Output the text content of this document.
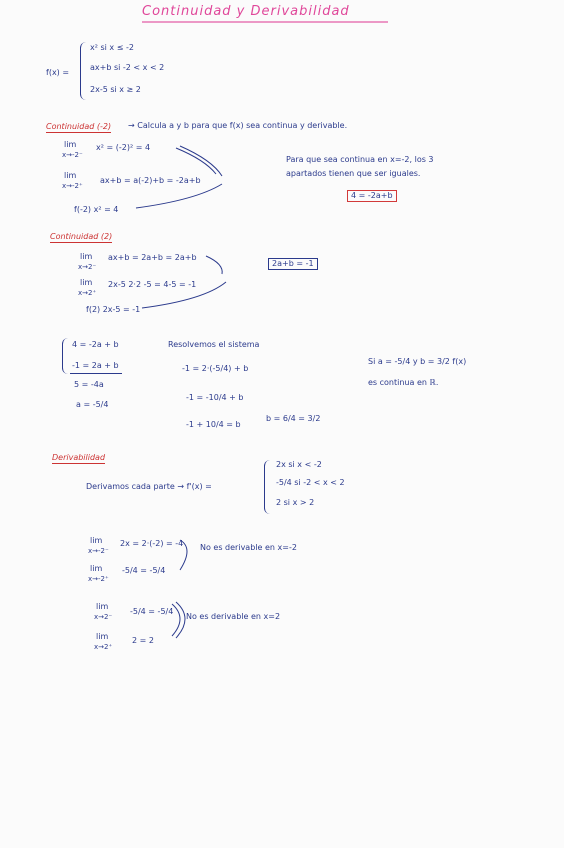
Continuidad y Derivabilidad
f(x) =
x² si x ≤ -2
ax+b si -2 < x < 2
2x-5 si x ≥ 2
Continuidad (-2) → Calcula a y b para que f(x) sea continua y derivable.
lim
x→-2⁻
x² = (-2)² = 4
lim
x→-2⁺
ax+b = a(-2)+b = -2a+b
f(-2) x² = 4
Para que sea continua en x=-2, los 3
apartados tienen que ser iguales.
4 = -2a+b
Continuidad (2)
lim
x→2⁻
ax+b = 2a+b = 2a+b
lim
x→2⁺
2x-5 2·2 -5 = 4-5 = -1
f(2) 2x-5 = -1
2a+b = -1
4 = -2a + b
-1 = 2a + b
5 = -4a
a = -5/4
Resolvemos el sistema
-1 = 2·(-5/4) + b
-1 = -10/4 + b
-1 + 10/4 = b
b = 6/4 = 3/2
Si a = -5/4 y b = 3/2 f(x)
es continua en ℝ.
Derivabilidad
Derivamos cada parte → f'(x) =
2x si x < -2
-5/4 si -2 < x < 2
2 si x > 2
lim
x→-2⁻
2x = 2·(-2) = -4
lim
x→-2⁺
-5/4 = -5/4
No es derivable en x=-2
lim
x→2⁻
-5/4 = -5/4
lim
x→2⁺
2 = 2
No es derivable en x=2
